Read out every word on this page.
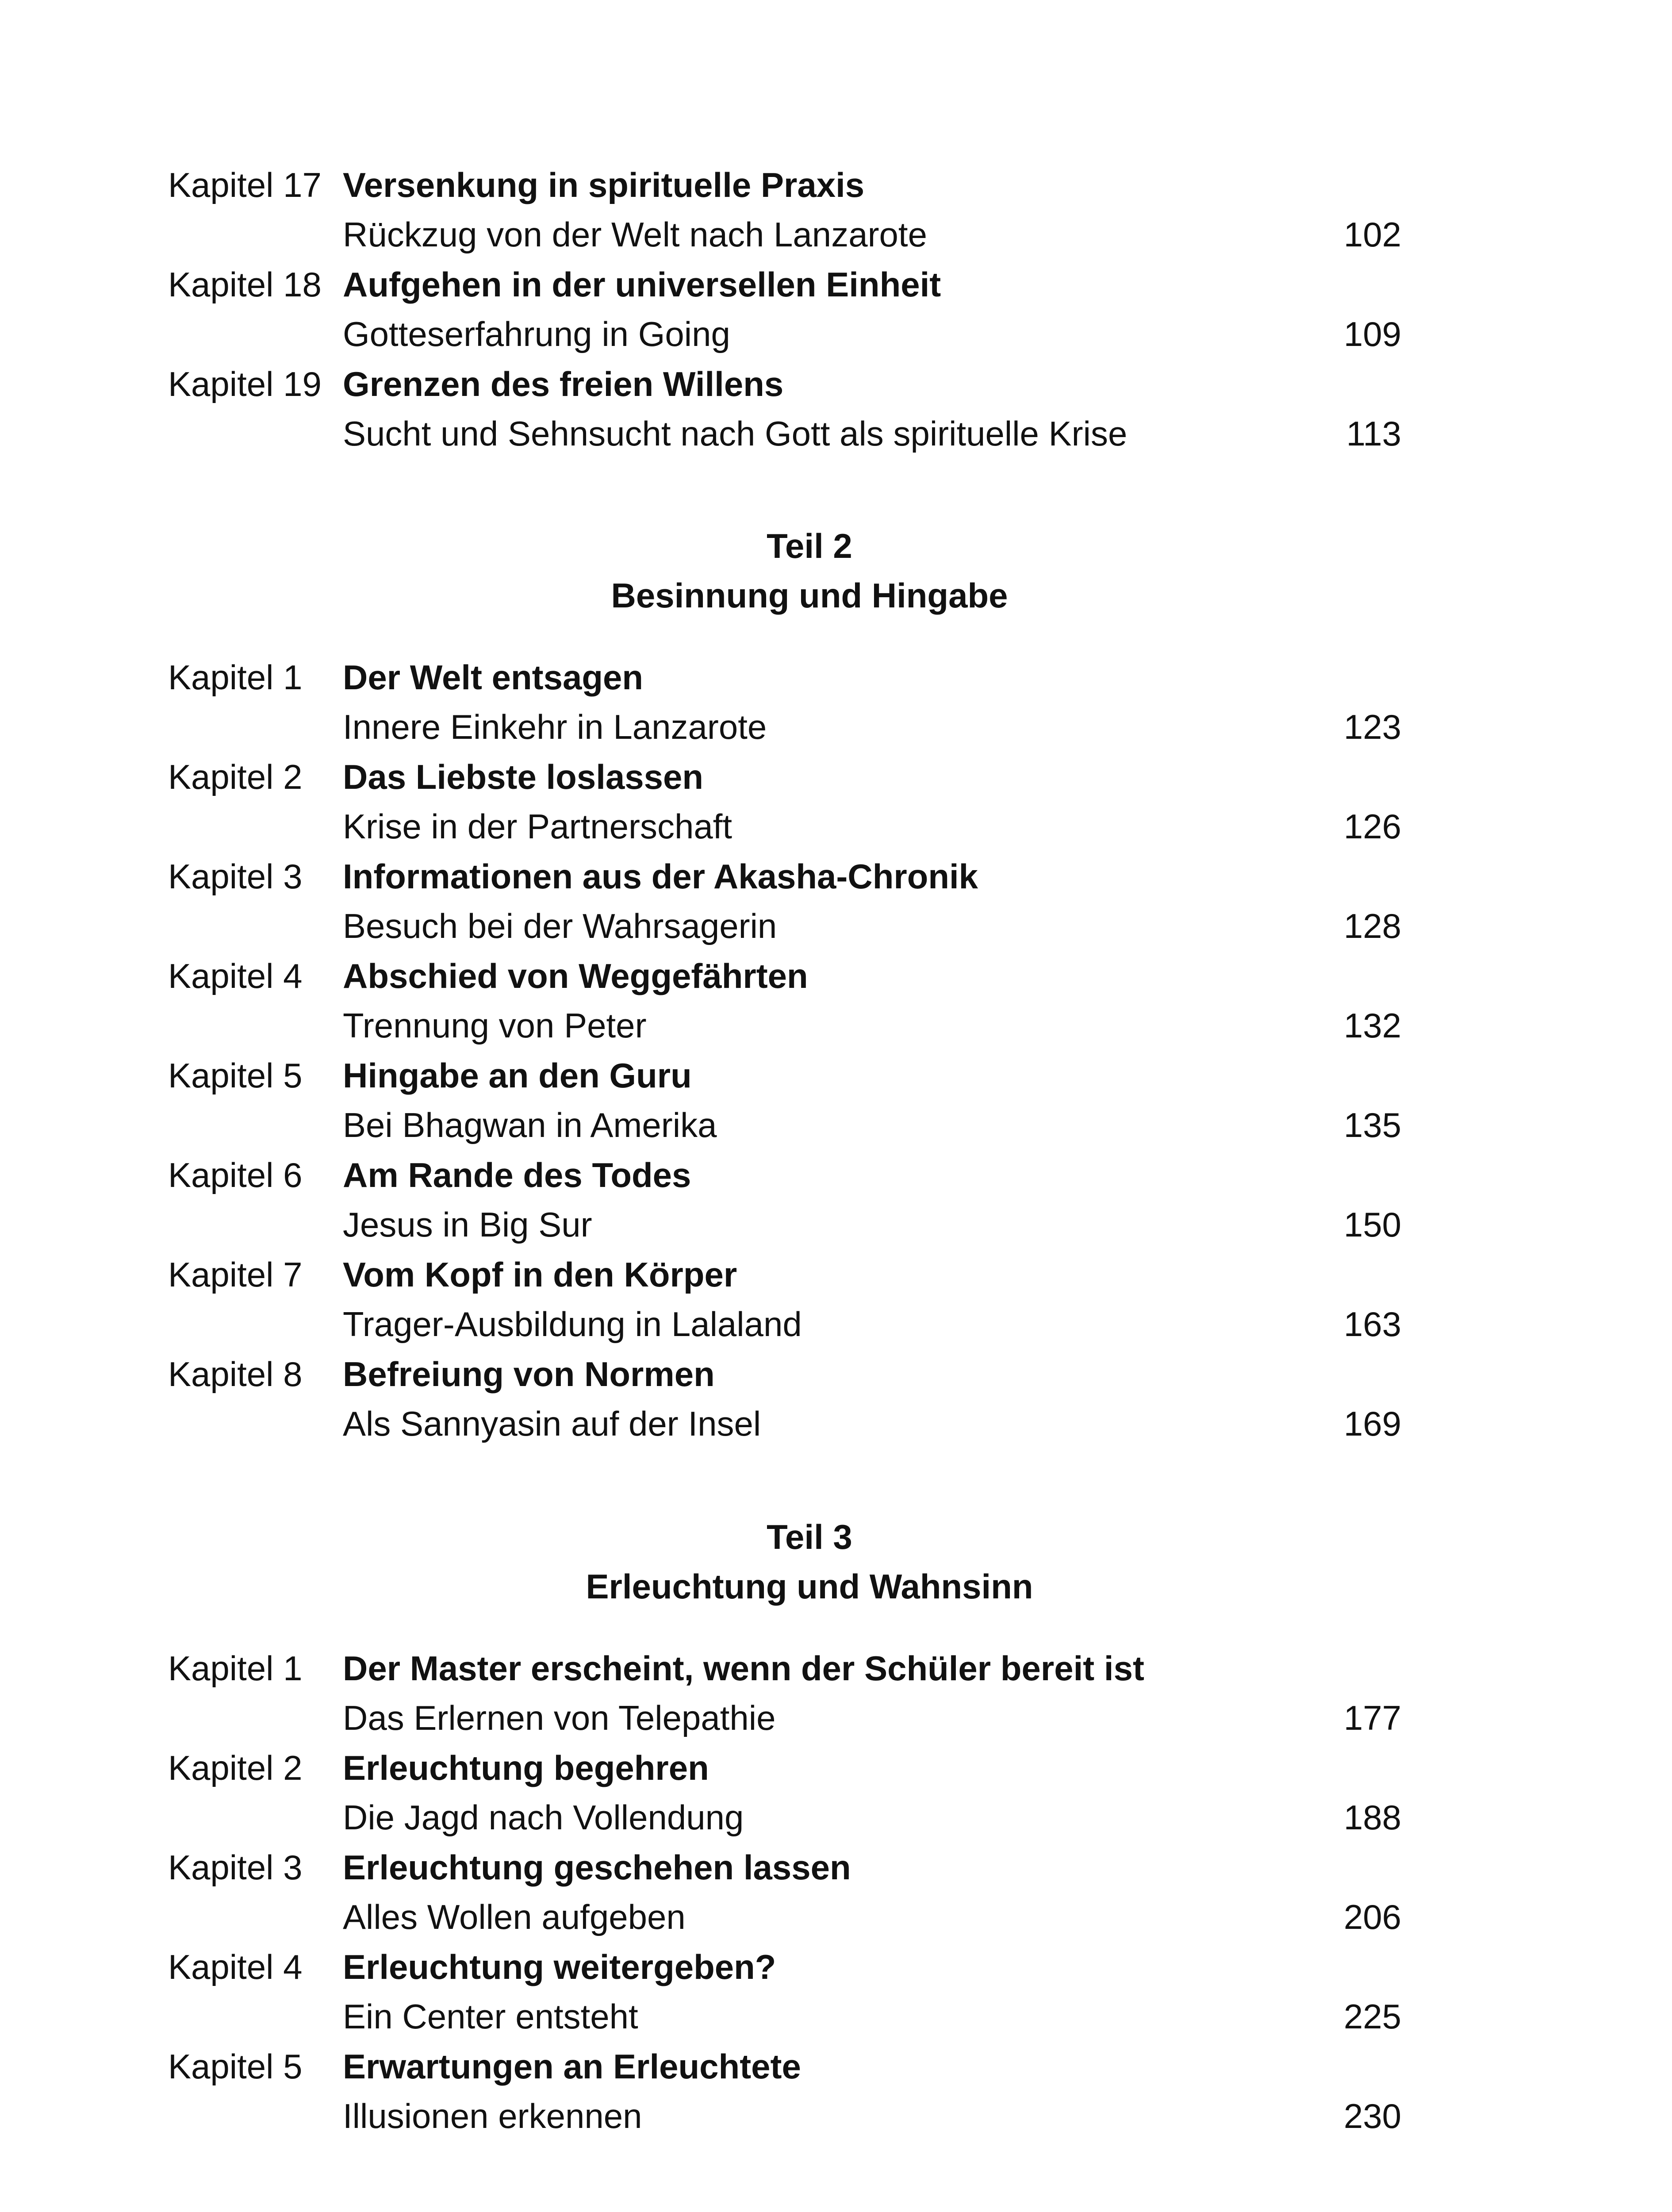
Kapitel 17 Versenkung in spirituelle Praxis
Rückzug von der Welt nach Lanzarote	102
Kapitel 18 Aufgehen in der universellen Einheit
Gotteserfahrung in Going	109
Kapitel 19 Grenzen des freien Willens
Sucht und Sehnsucht nach Gott als spirituelle Krise	113
Teil 2
Besinnung und Hingabe
Kapitel 1 Der Welt entsagen
Innere Einkehr in Lanzarote	123
Kapitel 2 Das Liebste loslassen
Krise in der Partnerschaft	126
Kapitel 3 Informationen aus der Akasha-Chronik
Besuch bei der Wahrsagerin	128
Kapitel 4 Abschied von Weggefährten
Trennung von Peter	132
Kapitel 5 Hingabe an den Guru
Bei Bhagwan in Amerika	135
Kapitel 6 Am Rande des Todes
Jesus in Big Sur	150
Kapitel 7 Vom Kopf in den Körper
Trager-Ausbildung in Lalaland	163
Kapitel 8 Befreiung von Normen
Als Sannyasin auf der Insel	169
Teil 3
Erleuchtung und Wahnsinn
Kapitel 1 Der Master erscheint, wenn der Schüler bereit ist
Das Erlernen von Telepathie	177
Kapitel 2 Erleuchtung begehren
Die Jagd nach Vollendung	188
Kapitel 3 Erleuchtung geschehen lassen
Alles Wollen aufgeben	206
Kapitel 4 Erleuchtung weitergeben?
Ein Center entsteht	225
Kapitel 5 Erwartungen an Erleuchtete
Illusionen erkennen	230
